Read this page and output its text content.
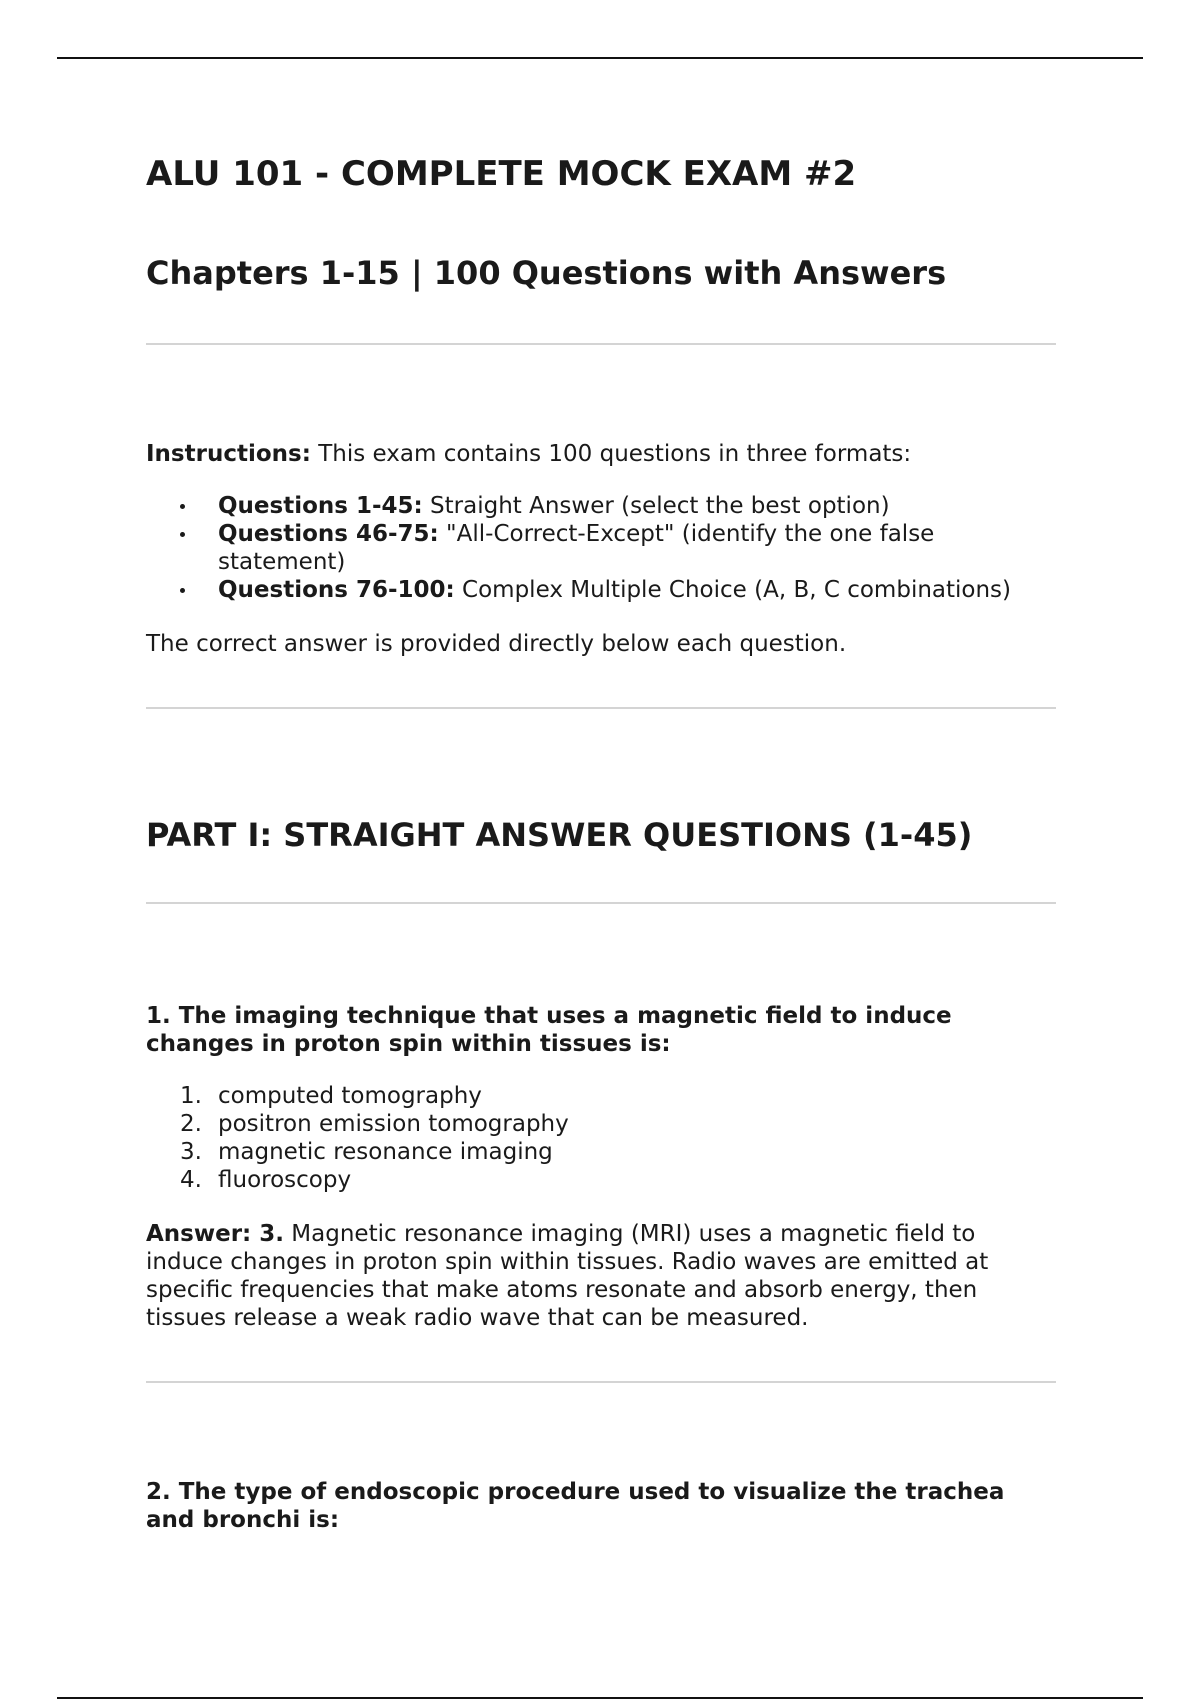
ALU 101 - COMPLETE MOCK EXAM #2
Chapters 1-15 | 100 Questions with Answers

Instructions: This exam contains 100 questions in three formats:

Questions 1-45: Straight Answer (select the best option)
Questions 46-75: "All-Correct-Except" (identify the one false statement)
Questions 76-100: Complex Multiple Choice (A, B, C combinations)

The correct answer is provided directly below each question.

PART I: STRAIGHT ANSWER QUESTIONS (1-45)

1. The imaging technique that uses a magnetic field to induce changes in proton spin within tissues is:

1. computed tomography
2. positron emission tomography
3. magnetic resonance imaging
4. fluoroscopy

Answer: 3. Magnetic resonance imaging (MRI) uses a magnetic field to induce changes in proton spin within tissues. Radio waves are emitted at specific frequencies that make atoms resonate and absorb energy, then tissues release a weak radio wave that can be measured.

2. The type of endoscopic procedure used to visualize the trachea and bronchi is:
